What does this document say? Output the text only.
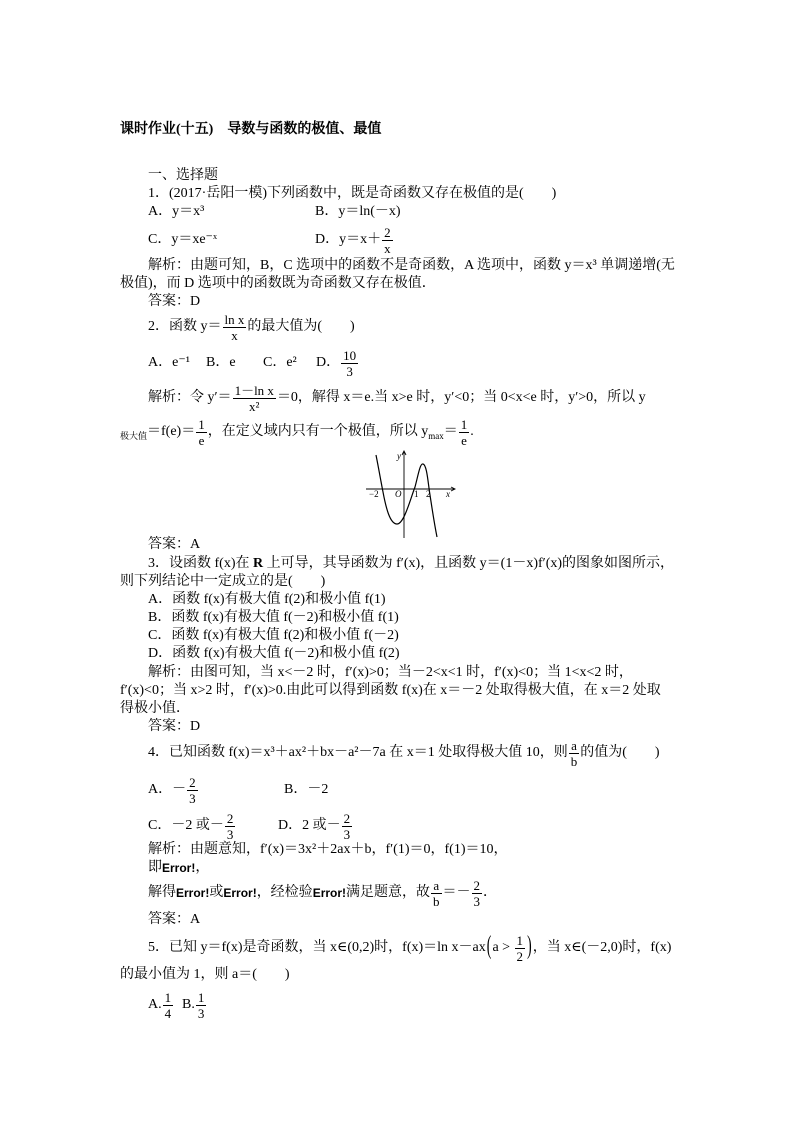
课时作业(十五)　导数与函数的极值、最值
一、选择题
1．(2017·岳阳一模)下列函数中，既是奇函数又存在极值的是(　　)
A．y＝x³	B．y＝ln(－x)
C．y＝xe⁻ˣ	D．$y=x+ \frac{2}{x}$
解析：由题可知，B，C 选项中的函数不是奇函数，A 选项中，函数 y＝x³ 单调递增(无
极值)，而 D 选项中的函数既为奇函数又存在极值．
答案：D
2．函数 $y= \frac{\text{ln x}}{x}$ 的最大值为(　　)
A．e⁻¹ B．e C．e² D． $\frac{10}{3}$
解析：令 $y'= \frac{\text{1－ln x}}{\text{x²}} =0$，解得 x＝e.当 x>e 时，y′<0；当 0<x<e 时，y′>0，所以 y
极大值 $=f(e)= \frac{1}{e}$ ，在定义域内只有一个极值，所以 y $\max = \frac{1}{e}$ .
y
O
−2	1 2 x
答案：A
3．设函数 f(x)在 R 上可导，其导函数为 f′(x)，且函数 y＝(1－x)f′(x)的图象如图所示，
则下列结论中一定成立的是(　　)
A．函数 f(x)有极大值 f(2)和极小值 f(1)
B．函数 f(x)有极大值 f(－2)和极小值 f(1)
C．函数 f(x)有极大值 f(2)和极小值 f(－2)
D．函数 f(x)有极大值 f(－2)和极小值 f(2)
解析：由图可知，当 x<－2 时，f′(x)>0；当－2<x<1 时，f′(x)<0；当 1<x<2 时，
f′(x)<0；当 x>2 时，f′(x)>0.由此可以得到函数 f(x)在 x＝－2 处取得极大值，在 x＝2 处取
得极小值．
答案：D
4．已知函数 f(x)＝x³＋ax²＋bx－a²－7a 在 x＝1 处取得极大值 10，则 $\frac{a}{b}$ 的值为(　　)
A．－ $\frac{2}{3}$	B．－2
C．－2 或－ $\frac{2}{3}$	D．2 或－ $\frac{2}{3}$
解析：由题意知，f′(x)＝3x²＋2ax＋b，f′(1)＝0，f(1)＝10，
即 Error! ，
解得 Error! 或 Error! ，经检验 Error! 满足题意，故 $\frac{a}{b} =- \frac{2}{3}$ ．
答案：A
5．已知 y＝f(x)是奇函数，当 x∈(0,2)时，f(x)＝ln x－ax ( $a > \frac{1}{2}$ ) ，当 x∈(－2,0)时，f(x)
的最小值为 1，则 a＝(　　)
A. $\frac{1}{4} B$. $\frac{1}{3}$
